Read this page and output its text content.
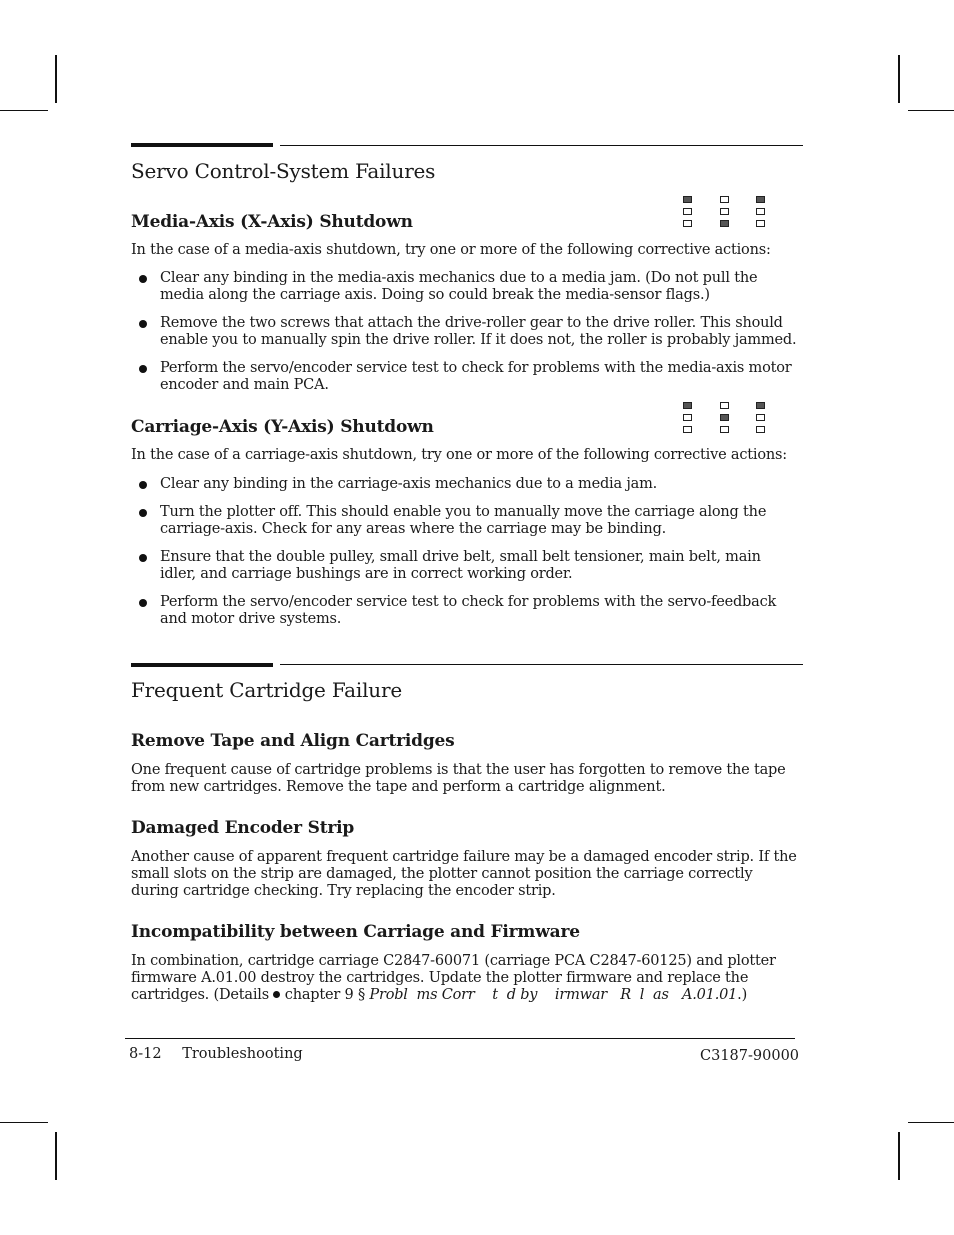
Servo Control-System Failures
Media-Axis (X-Axis) Shutdown

In the case of a media-axis shutdown, try one or more of the following corrective actions:

Clear any binding in the media-axis mechanics due to a media jam. (Do not pull the media along the carriage axis. Doing so could break the media-sensor flags.)
Remove the two screws that attach the drive-roller gear to the drive roller. This should enable you to manually spin the drive roller. If it does not, the roller is probably jammed.
Perform the servo/encoder service test to check for problems with the media-axis motor encoder and main PCA.
Carriage-Axis (Y-Axis) Shutdown

In the case of a carriage-axis shutdown, try one or more of the following corrective actions:

Clear any binding in the carriage-axis mechanics due to a media jam.
Turn the plotter off. This should enable you to manually move the carriage along the carriage-axis. Check for any areas where the carriage may be binding.
Ensure that the double pulley, small drive belt, small belt tensioner, main belt, main idler, and carriage bushings are in correct working order.
Perform the servo/encoder service test to check for problems with the servo-feedback and motor drive systems.
Frequent Cartridge Failure
Remove Tape and Align Cartridges

One frequent cause of cartridge problems is that the user has forgotten to remove the tape from new cartridges. Remove the tape and perform a cartridge alignment.

Damaged Encoder Strip

Another cause of apparent frequent cartridge failure may be a damaged encoder strip. If the small slots on the strip are damaged, the plotter cannot position the carriage correctly during cartridge checking. Try replacing the encoder strip.

Incompatibility between Carriage and Firmware
In combination, cartridge carriage C2847-60071 (carriage PCA C2847-60125) and plotter
firmware A.01.00 destroy the cartridges. Update the plotter firmware and replace the
cartridges. (Details  chapter 9 § Probl  ms Corr    t  d by    irmwar   R  l  as   A.01.01.)
8-12 Troubleshooting	C3187-90000
